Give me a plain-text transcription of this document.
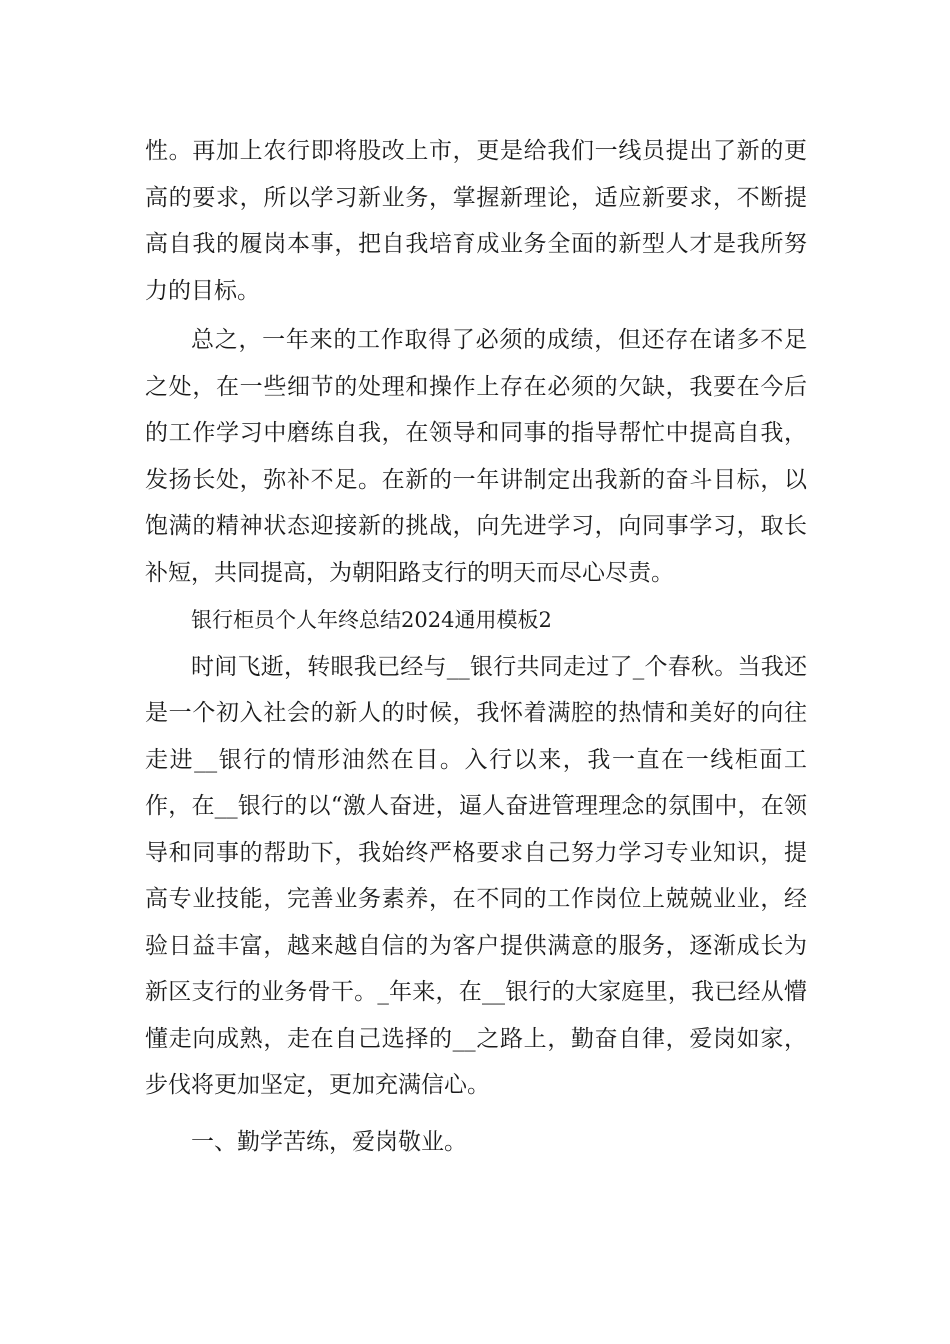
性。再加上农行即将股改上市，更是给我们一线员提出了新的更高的要求，所以学习新业务，掌握新理论，适应新要求，不断提高自我的履岗本事，把自我培育成业务全面的新型人才是我所努力的目标。

总之，一年来的工作取得了必须的成绩，但还存在诸多不足之处，在一些细节的处理和操作上存在必须的欠缺，我要在今后的工作学习中磨练自我，在领导和同事的指导帮忙中提高自我，发扬长处，弥补不足。在新的一年讲制定出我新的奋斗目标，以饱满的精神状态迎接新的挑战，向先进学习，向同事学习，取长补短，共同提高，为朝阳路支行的明天而尽心尽责。

银行柜员个人年终总结2024通用模板2

时间飞逝，转眼我已经与__银行共同走过了_个春秋。当我还是一个初入社会的新人的时候，我怀着满腔的热情和美好的向往走进__银行的情形油然在目。入行以来，我一直在一线柜面工作，在__银行的以“激人奋进，逼人奋进管理理念的氛围中，在领导和同事的帮助下，我始终严格要求自己努力学习专业知识，提高专业技能，完善业务素养，在不同的工作岗位上兢兢业业，经验日益丰富，越来越自信的为客户提供满意的服务，逐渐成长为新区支行的业务骨干。_年来，在__银行的大家庭里，我已经从懵懂走向成熟，走在自己选择的__之路上，勤奋自律，爱岗如家，步伐将更加坚定，更加充满信心。

一、勤学苦练，爱岗敬业。
